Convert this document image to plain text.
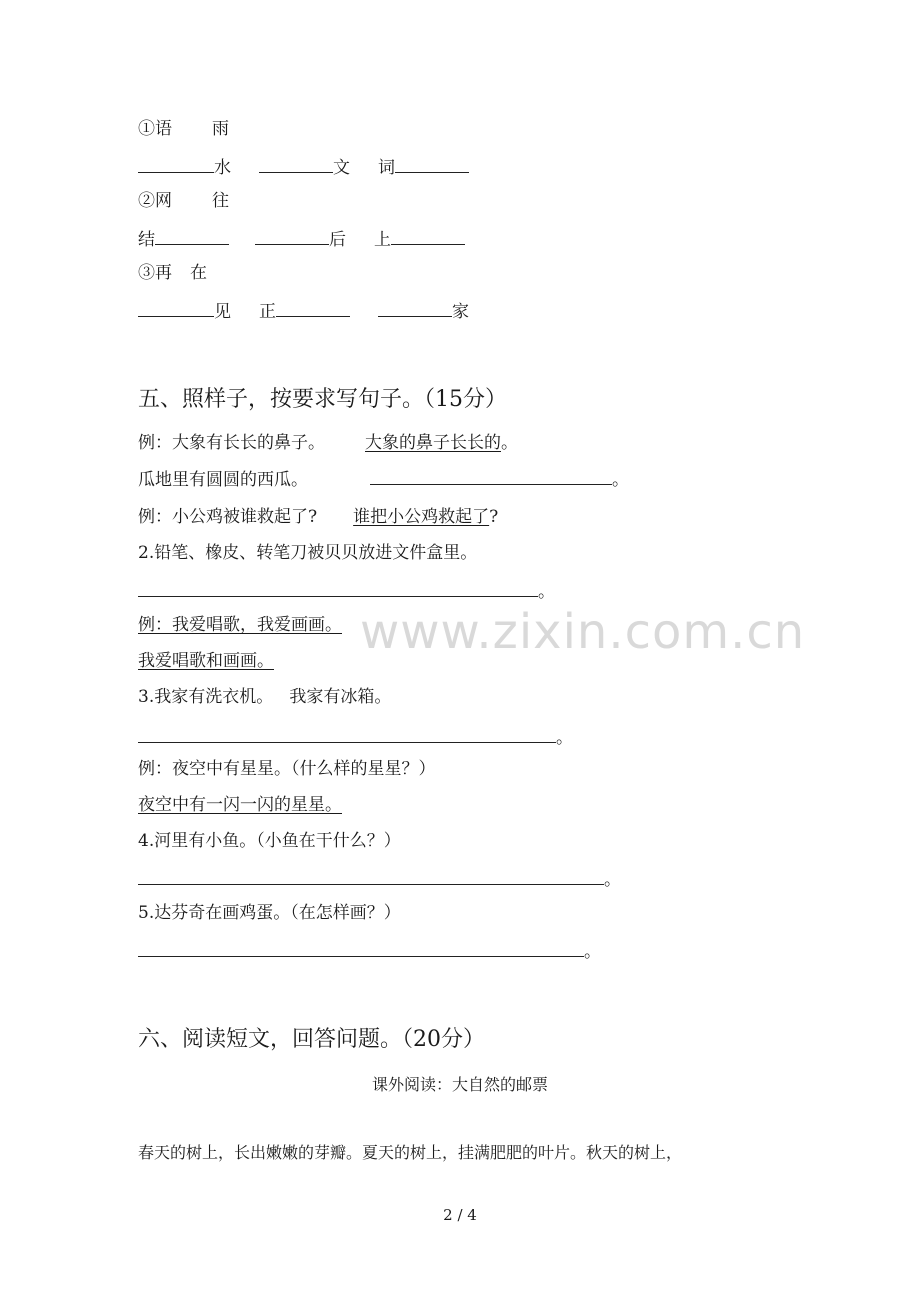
①语 雨
水	文 词
②网 往
结	后 上
③再 在
见 正	家
五、照样子，按要求写句子。（15分）
例：大象有长长的鼻子。 大象的鼻子长长的。
瓜地里有圆圆的西瓜。	。
例：小公鸡被谁救起了? 谁把小公鸡救起了?
2.铅笔、橡皮、转笔刀被贝贝放进文件盒里。
。
例：我爱唱歌，我爱画画。
我爱唱歌和画画。
3.我家有洗衣机。   我家有冰箱。
。
例：夜空中有星星。（什么样的星星？）
夜空中有一闪一闪的星星。
4.河里有小鱼。（小鱼在干什么？）
。
5.达芬奇在画鸡蛋。（在怎样画？）
。
六、阅读短文，回答问题。（20分）
课外阅读：大自然的邮票
春天的树上，长出嫩嫩的芽瓣。夏天的树上，挂满肥肥的叶片。秋天的树上，
www.zixin.com.cn
2 / 4
